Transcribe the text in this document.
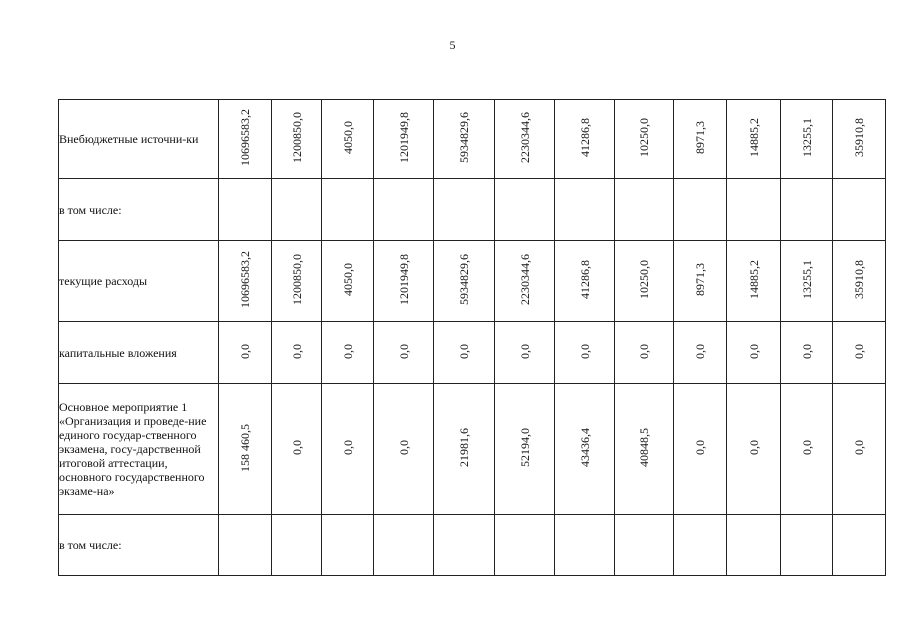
5
Внебюджетные источни-ки	10696583,2	1200850,0	4050,0	1201949,8	5934829,6	2230344,6	41286,8	10250,0	8971,3	14885,2	13255,1	35910,8
в том числе:												
текущие расходы	10696583,2	1200850,0	4050,0	1201949,8	5934829,6	2230344,6	41286,8	10250,0	8971,3	14885,2	13255,1	35910,8
капитальные вложения	0,0	0,0	0,0	0,0	0,0	0,0	0,0	0,0	0,0	0,0	0,0	0,0
Основное мероприятие 1 «Организация и проведе-ние единого государ-ственного экзамена, госу-дарственной итоговой аттестации, основного государственного экзаме-на»	158 460,5	0,0	0,0	0,0	21981,6	52194,0	43436,4	40848,5	0,0	0,0	0,0	0,0
в том числе:												
